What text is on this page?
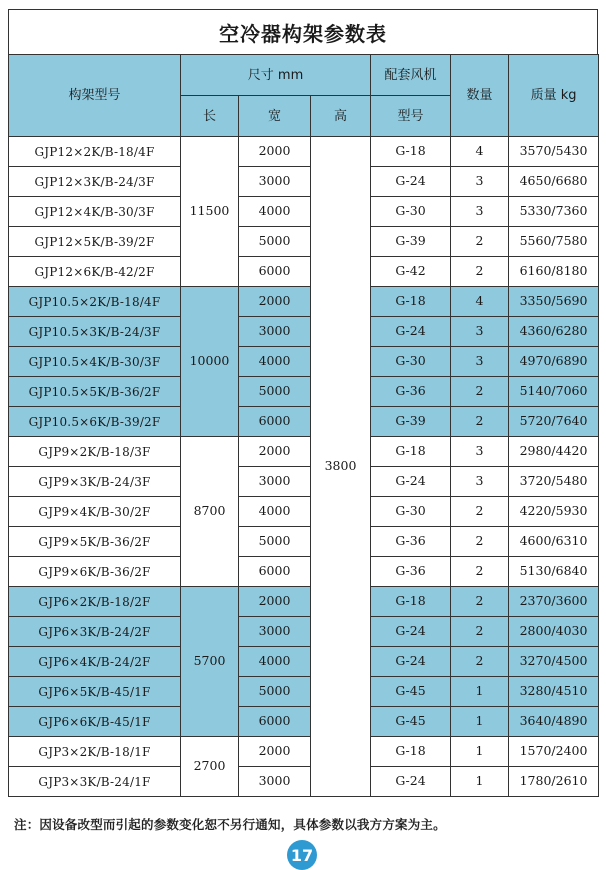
空冷器构架参数表
构架型号	尺寸 mm			配套风机	数量	质量 kg
	长	宽	高	型号		
GJP12×2K/B-18/4F	11500	2000	3800	G-18	4	3570/5430
GJP12×3K/B-24/3F		3000		G-24	3	4650/6680
GJP12×4K/B-30/3F		4000		G-30	3	5330/7360
GJP12×5K/B-39/2F		5000		G-39	2	5560/7580
GJP12×6K/B-42/2F		6000		G-42	2	6160/8180
GJP10.5×2K/B-18/4F	10000	2000		G-18	4	3350/5690
GJP10.5×3K/B-24/3F		3000		G-24	3	4360/6280
GJP10.5×4K/B-30/3F		4000		G-30	3	4970/6890
GJP10.5×5K/B-36/2F		5000		G-36	2	5140/7060
GJP10.5×6K/B-39/2F		6000		G-39	2	5720/7640
GJP9×2K/B-18/3F	8700	2000		G-18	3	2980/4420
GJP9×3K/B-24/3F		3000		G-24	3	3720/5480
GJP9×4K/B-30/2F		4000		G-30	2	4220/5930
GJP9×5K/B-36/2F		5000		G-36	2	4600/6310
GJP9×6K/B-36/2F		6000		G-36	2	5130/6840
GJP6×2K/B-18/2F	5700	2000		G-18	2	2370/3600
GJP6×3K/B-24/2F		3000		G-24	2	2800/4030
GJP6×4K/B-24/2F		4000		G-24	2	3270/4500
GJP6×5K/B-45/1F		5000		G-45	1	3280/4510
GJP6×6K/B-45/1F		6000		G-45	1	3640/4890
GJP3×2K/B-18/1F	2700	2000		G-18	1	1570/2400
GJP3×3K/B-24/1F		3000		G-24	1	1780/2610
注：因设备改型而引起的参数变化恕不另行通知，具体参数以我方方案为主。
17
